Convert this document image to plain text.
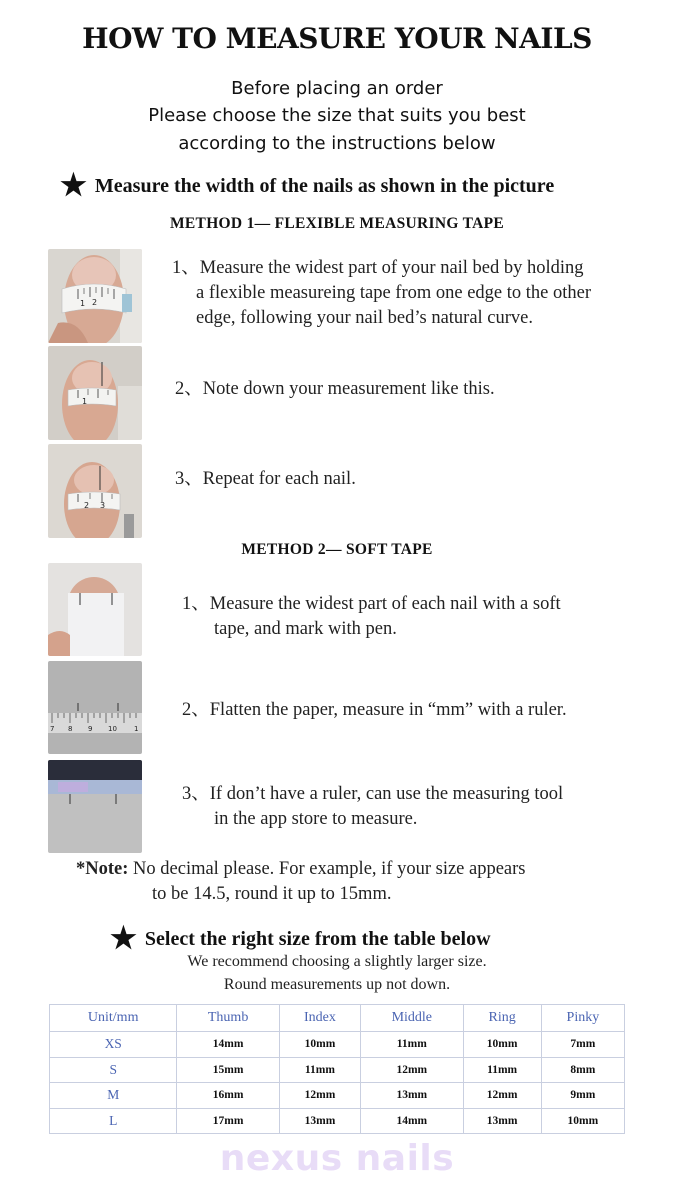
HOW TO MEASURE YOUR NAILS
Before placing an order
Please choose the size that suits you best
according to the instructions below
★ Measure the width of the nails as shown in the picture
METHOD 1— FLEXIBLE MEASURING TAPE
1 2
1
2 3
1、Measure the widest part of your nail bed by holding
a flexible measureing tape from one edge to the other
edge, following your nail bed’s natural curve.
2、Note down your measurement like this.
3、Repeat for each nail.
METHOD 2— SOFT TAPE
7 8 9 10 1
1、Measure the widest part of each nail with a soft
tape, and mark with pen.
2、Flatten the paper, measure in “mm” with a ruler.
3、If don’t have a ruler, can use the measuring tool
in the app store to measure.
*Note: No decimal please. For example, if your size appears
to be 14.5, round it up to 15mm.
★ Select the right size from the table below
We recommend choosing a slightly larger size.
Round measurements up not down.
Unit/mm	Thumb	Index	Middle	Ring	Pinky
XS	14mm	10mm	11mm	10mm	7mm
S	15mm	11mm	12mm	11mm	8mm
M	16mm	12mm	13mm	12mm	9mm
L	17mm	13mm	14mm	13mm	10mm
nexus nails
